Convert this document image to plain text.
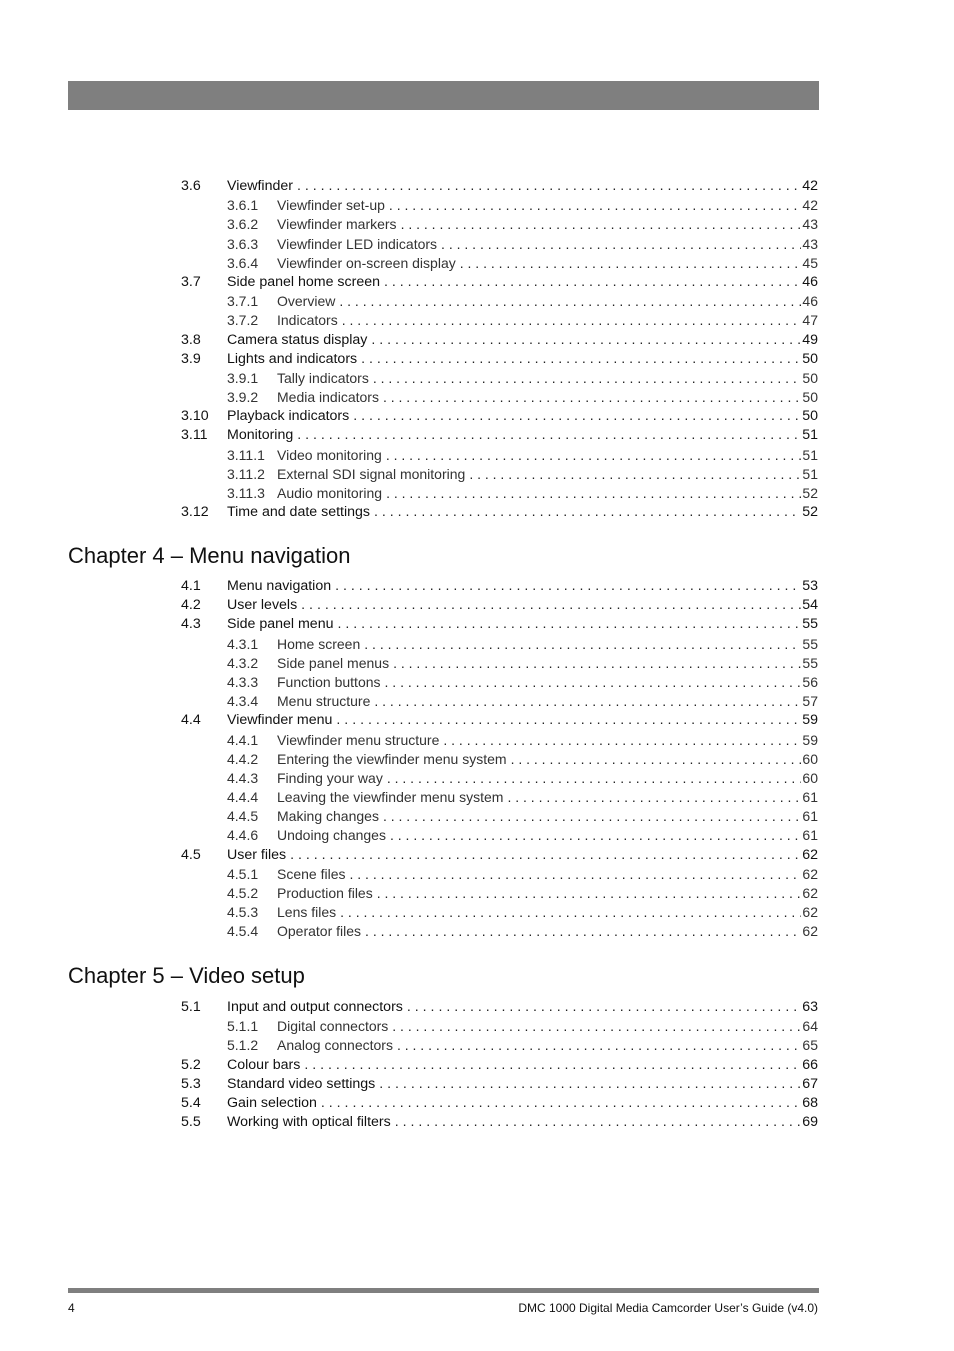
3.6 Viewfinder . . .	42
3.6.1 Viewfinder set-up . . .	42
3.6.2 Viewfinder markers . . .	43
3.6.3 Viewfinder LED indicators . . .	43
3.6.4 Viewfinder on-screen display . . .	45
3.7 Side panel home screen . . .	46
3.7.1 Overview . . .	46
3.7.2 Indicators . . .	47
3.8 Camera status display . . .	49
3.9 Lights and indicators . . .	50
3.9.1 Tally indicators . . .	50
3.9.2 Media indicators . . .	50
3.10 Playback indicators . . .	50
3.11 Monitoring . . .	51
3.11.1 Video monitoring . . .	51
3.11.2 External SDI signal monitoring . . .	51
3.11.3 Audio monitoring . . .	52
3.12 Time and date settings . . .	52
Chapter 4 – Menu navigation
4.1 Menu navigation . . .	53
4.2 User levels . . .	54
4.3 Side panel menu . . .	55
4.3.1 Home screen . . .	55
4.3.2 Side panel menus . . .	55
4.3.3 Function buttons . . .	56
4.3.4 Menu structure . . .	57
4.4 Viewfinder menu . . .	59
4.4.1 Viewfinder menu structure . . .	59
4.4.2 Entering the viewfinder menu system . . .	60
4.4.3 Finding your way . . .	60
4.4.4 Leaving the viewfinder menu system . . .	61
4.4.5 Making changes . . .	61
4.4.6 Undoing changes . . .	61
4.5 User files . . .	62
4.5.1 Scene files . . .	62
4.5.2 Production files . . .	62
4.5.3 Lens files . . .	62
4.5.4 Operator files . . .	62
Chapter 5 – Video setup
5.1 Input and output connectors . . .	63
5.1.1 Digital connectors . . .	64
5.1.2 Analog connectors . . .	65
5.2 Colour bars . . .	66
5.3 Standard video settings . . .	67
5.4 Gain selection . . .	68
5.5 Working with optical filters . . .	69
4	DMC 1000 Digital Media Camcorder User’s Guide (v4.0)
